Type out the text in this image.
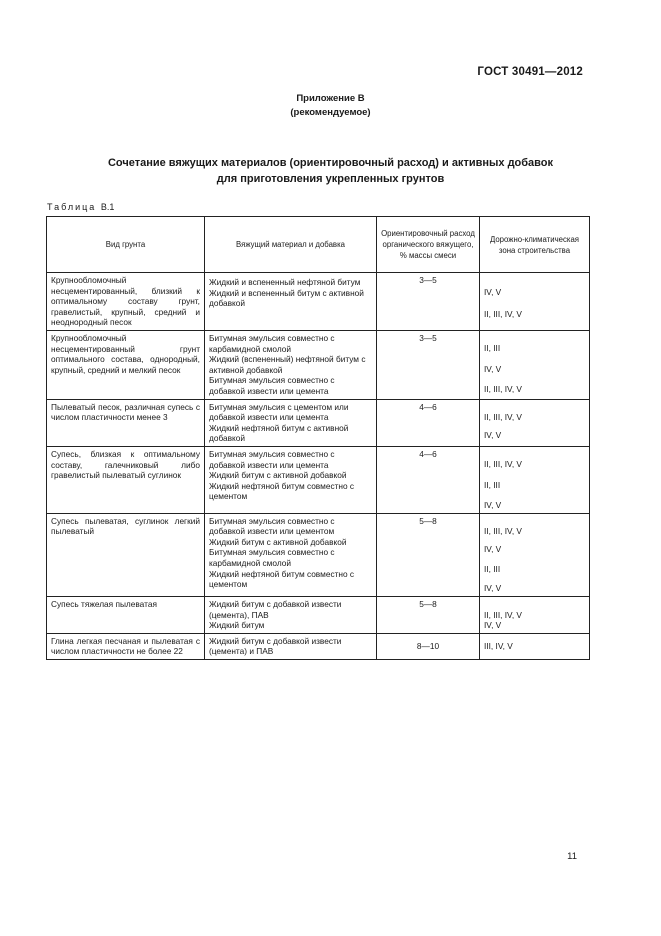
ГОСТ 30491—2012
Приложение В
(рекомендуемое)
Сочетание вяжущих материалов (ориентировочный расход) и активных добавок
для приготовления укрепленных грунтов
Таблица В.1
Вид грунта	Вяжущий материал и добавка	Ориентировочный расход органического вяжущего, % массы смеси	Дорожно-климатическая зона строительства
Крупнообломочный несцементированный, близкий к оптимальному составу грунт, гравелистый, крупный, средний и неоднородный песок	Жидкий и вспененный нефтяной битум
Жидкий и вспененный битум с активной добавкой	3—5	IV, V
II, III, IV, V

Крупнообломочный несцементированный грунт оптимального состава, однородный, крупный, средний и мелкий песок	Битумная эмульсия совместно с карбамидной смолой
Жидкий (вспененный) нефтяной битум с активной добавкой
Битумная эмульсия совместно с добавкой извести или цемента	3—5	II, III
IV, V
II, III, IV, V

Пылеватый песок, различная супесь с числом пластичности менее 3	Битумная эмульсия с цементом или добавкой извести или цемента
Жидкий нефтяной битум с активной добавкой	4—6	II, III, IV, V
IV, V

Супесь, близкая к оптимальному составу, галечниковый либо гравелистый пылеватый суглинок	Битумная эмульсия совместно с добавкой извести или цемента
Жидкий битум с активной добавкой
Жидкий нефтяной битум совместно с цементом	4—6	II, III, IV, V
II, III
IV, V

Супесь пылеватая, суглинок легкий пылеватый	Битумная эмульсия совместно с добавкой извести или цементом
Жидкий битум с активной добавкой
Битумная эмульсия совместно с карбамидной смолой
Жидкий нефтяной битум совместно с цементом	5—8	II, III, IV, V
IV, V
II, III
IV, V

Супесь тяжелая пылеватая	Жидкий битум с добавкой извести (цемента), ПАВ
Жидкий битум	5—8	II, III, IV, V
IV, V

Глина легкая песчаная и пылеватая с числом пластичности не более 22	Жидкий битум с добавкой извести (цемента) и ПАВ	8—10	III, IV, V
11
